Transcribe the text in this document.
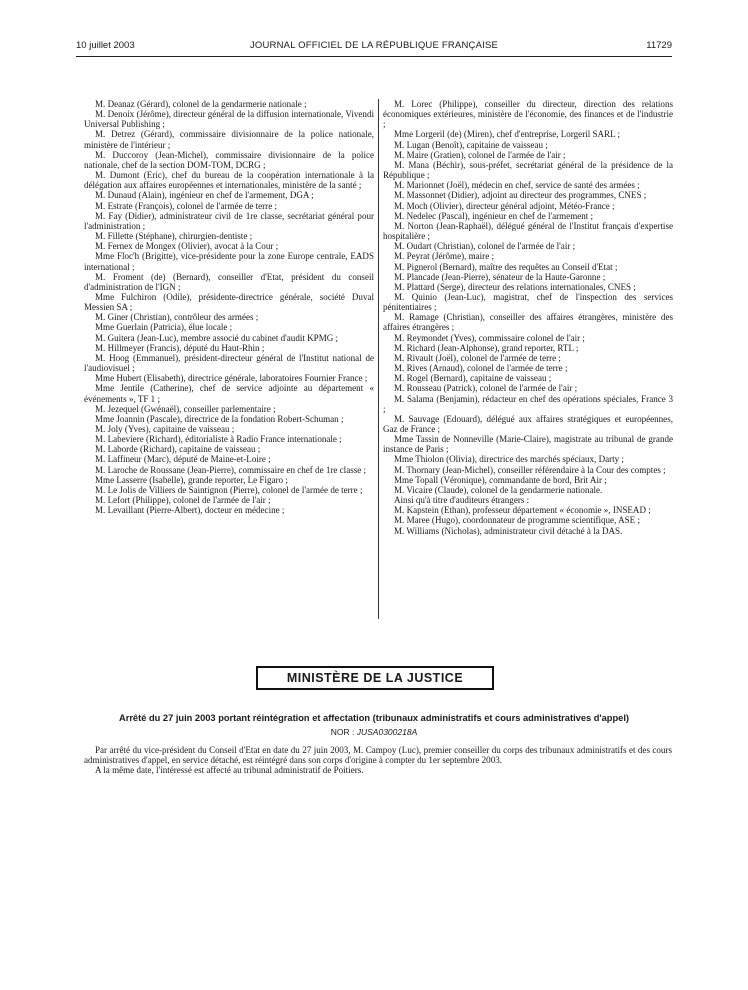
10 juillet 2003	JOURNAL OFFICIEL DE LA RÉPUBLIQUE FRANÇAISE	11729

M. Deanaz (Gérard), colonel de la gendarmerie nationale ;

M. Denoix (Jérôme), directeur général de la diffusion internationale, Vivendi Universal Publishing ;

M. Detrez (Gérard), commissaire divisionnaire de la police nationale, ministère de l'intérieur ;

M. Duccoroy (Jean-Michel), commissaire divisionnaire de la police nationale, chef de la section DOM-TOM, DCRG ;

M. Dumont (Eric), chef du bureau de la coopération internationale à la délégation aux affaires européennes et internationales, ministère de la santé ;

M. Dunaud (Alain), ingénieur en chef de l'armement, DGA ;

M. Estrate (François), colonel de l'armée de terre ;

M. Fay (Didier), administrateur civil de 1re classe, secrétariat général pour l'administration ;

M. Fillette (Stéphane), chirurgien-dentiste ;

M. Fernex de Mongex (Olivier), avocat à la Cour ;

Mme Floc'h (Brigitte), vice-présidente pour la zone Europe centrale, EADS international ;

M. Froment (de) (Bernard), conseiller d'Etat, président du conseil d'administration de l'IGN ;

Mme Fulchiron (Odile), présidente-directrice générale, société Duval Messien SA ;

M. Giner (Christian), contrôleur des armées ;

Mme Guerlain (Patricia), élue locale ;

M. Guitera (Jean-Luc), membre associé du cabinet d'audit KPMG ;

M. Hillmeyer (Francis), député du Haut-Rhin ;

M. Hoog (Emmanuel), président-directeur général de l'Institut national de l'audiovisuel ;

Mme Hubert (Elisabeth), directrice générale, laboratoires Fournier France ;

Mme Jentile (Catherine), chef de service adjointe au département « événements », TF 1 ;

M. Jezequel (Gwénaël), conseiller parlementaire ;

Mme Joannin (Pascale), directrice de la fondation Robert-Schuman ;

M. Joly (Yves), capitaine de vaisseau ;

M. Labeviere (Richard), éditorialiste à Radio France internationale ;

M. Laborde (Richard), capitaine de vaisseau ;

M. Laffineur (Marc), député de Maine-et-Loire ;

M. Laroche de Roussane (Jean-Pierre), commissaire en chef de 1re classe ;

Mme Lasserre (Isabelle), grande reporter, Le Figaro ;

M. Le Jolis de Villiers de Saintignon (Pierre), colonel de l'armée de terre ;

M. Lefort (Philippe), colonel de l'armée de l'air ;

M. Levaillant (Pierre-Albert), docteur en médecine ;

M. Lorec (Philippe), conseiller du directeur, direction des relations économiques extérieures, ministère de l'économie, des finances et de l'industrie ;

Mme Lorgeril (de) (Miren), chef d'entreprise, Lorgeril SARL ;

M. Lugan (Benoît), capitaine de vaisseau ;

M. Maire (Gratien), colonel de l'armée de l'air ;

M. Mana (Béchir), sous-préfet, secrétariat général de la présidence de la République ;

M. Marionnet (Joël), médecin en chef, service de santé des armées ;

M. Massonnet (Didier), adjoint au directeur des programmes, CNES ;

M. Moch (Olivier), directeur général adjoint, Météo-France ;

M. Nedelec (Pascal), ingénieur en chef de l'armement ;

M. Norton (Jean-Raphaël), délégué général de l'Institut français d'expertise hospitalière ;

M. Oudart (Christian), colonel de l'armée de l'air ;

M. Peyrat (Jérôme), maire ;

M. Pignerol (Bernard), maître des requêtes au Conseil d'Etat ;

M. Plancade (Jean-Pierre), sénateur de la Haute-Garonne ;

M. Plattard (Serge), directeur des relations internationales, CNES ;

M. Quinio (Jean-Luc), magistrat, chef de l'inspection des services pénitentiaires ;

M. Ramage (Christian), conseiller des affaires étrangères, ministère des affaires étrangères ;

M. Reymondet (Yves), commissaire colonel de l'air ;

M. Richard (Jean-Alphonse), grand reporter, RTL ;

M. Rivault (Joël), colonel de l'armée de terre ;

M. Rives (Arnaud), colonel de l'armée de terre ;

M. Rogel (Bernard), capitaine de vaisseau ;

M. Rousseau (Patrick), colonel de l'armée de l'air ;

M. Salama (Benjamin), rédacteur en chef des opérations spéciales, France 3 ;

M. Sauvage (Edouard), délégué aux affaires stratégiques et européennes, Gaz de France ;

Mme Tassin de Nonneville (Marie-Claire), magistrate au tribunal de grande instance de Paris ;

Mme Thiolon (Olivia), directrice des marchés spéciaux, Darty ;

M. Thornary (Jean-Michel), conseiller référendaire à la Cour des comptes ;

Mme Topall (Véronique), commandante de bord, Brit Air ;

M. Vicaire (Claude), colonel de la gendarmerie nationale.

Ainsi qu'à titre d'auditeurs étrangers :

M. Kapstein (Ethan), professeur département « économie », INSEAD ;

M. Maree (Hugo), coordonnateur de programme scientifique, ASE ;

M. Williams (Nicholas), administrateur civil détaché à la DAS.

MINISTÈRE DE LA JUSTICE
Arrêté du 27 juin 2003 portant réintégration et affectation (tribunaux administratifs et cours administratives d'appel)
NOR : JUSA0300218A

Par arrêté du vice-président du Conseil d'Etat en date du 27 juin 2003, M. Campoy (Luc), premier conseiller du corps des tribunaux administratifs et des cours administratives d'appel, en service détaché, est réintégré dans son corps d'origine à compter du 1er septembre 2003.

A la même date, l'intéressé est affecté au tribunal administratif de Poitiers.
